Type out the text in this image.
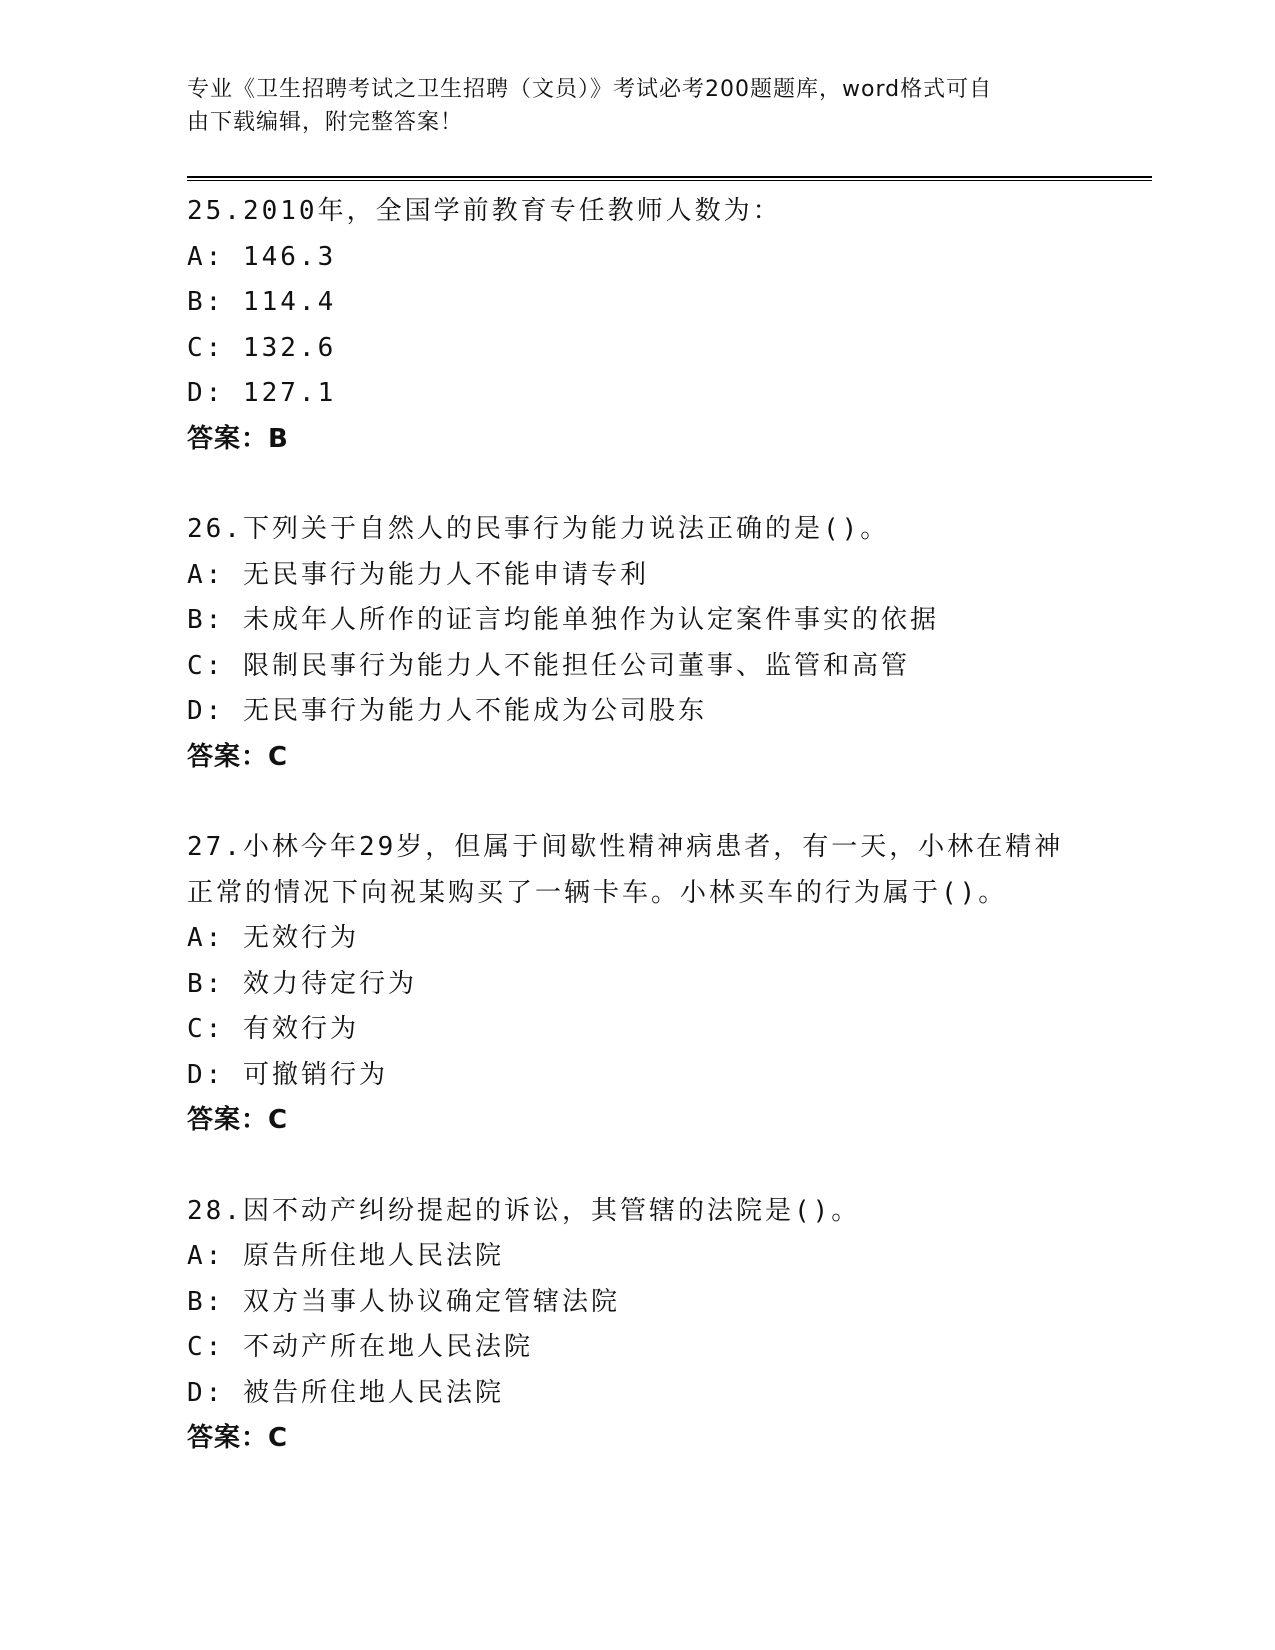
专业《卫生招聘考试之卫生招聘（文员）》考试必考200题题库，word格式可自
由下载编辑，附完整答案！
25.2010年，全国学前教育专任教师人数为：
A: 146.3
B: 114.4
C: 132.6
D: 127.1
答案：B
26.下列关于自然人的民事行为能力说法正确的是()。
A: 无民事行为能力人不能申请专利
B: 未成年人所作的证言均能单独作为认定案件事实的依据
C: 限制民事行为能力人不能担任公司董事、监管和高管
D: 无民事行为能力人不能成为公司股东
答案：C
27.小林今年29岁，但属于间歇性精神病患者，有一天，小林在精神
正常的情况下向祝某购买了一辆卡车。小林买车的行为属于()。
A: 无效行为
B: 效力待定行为
C: 有效行为
D: 可撤销行为
答案：C
28.因不动产纠纷提起的诉讼，其管辖的法院是()。
A: 原告所住地人民法院
B: 双方当事人协议确定管辖法院
C: 不动产所在地人民法院
D: 被告所住地人民法院
答案：C
